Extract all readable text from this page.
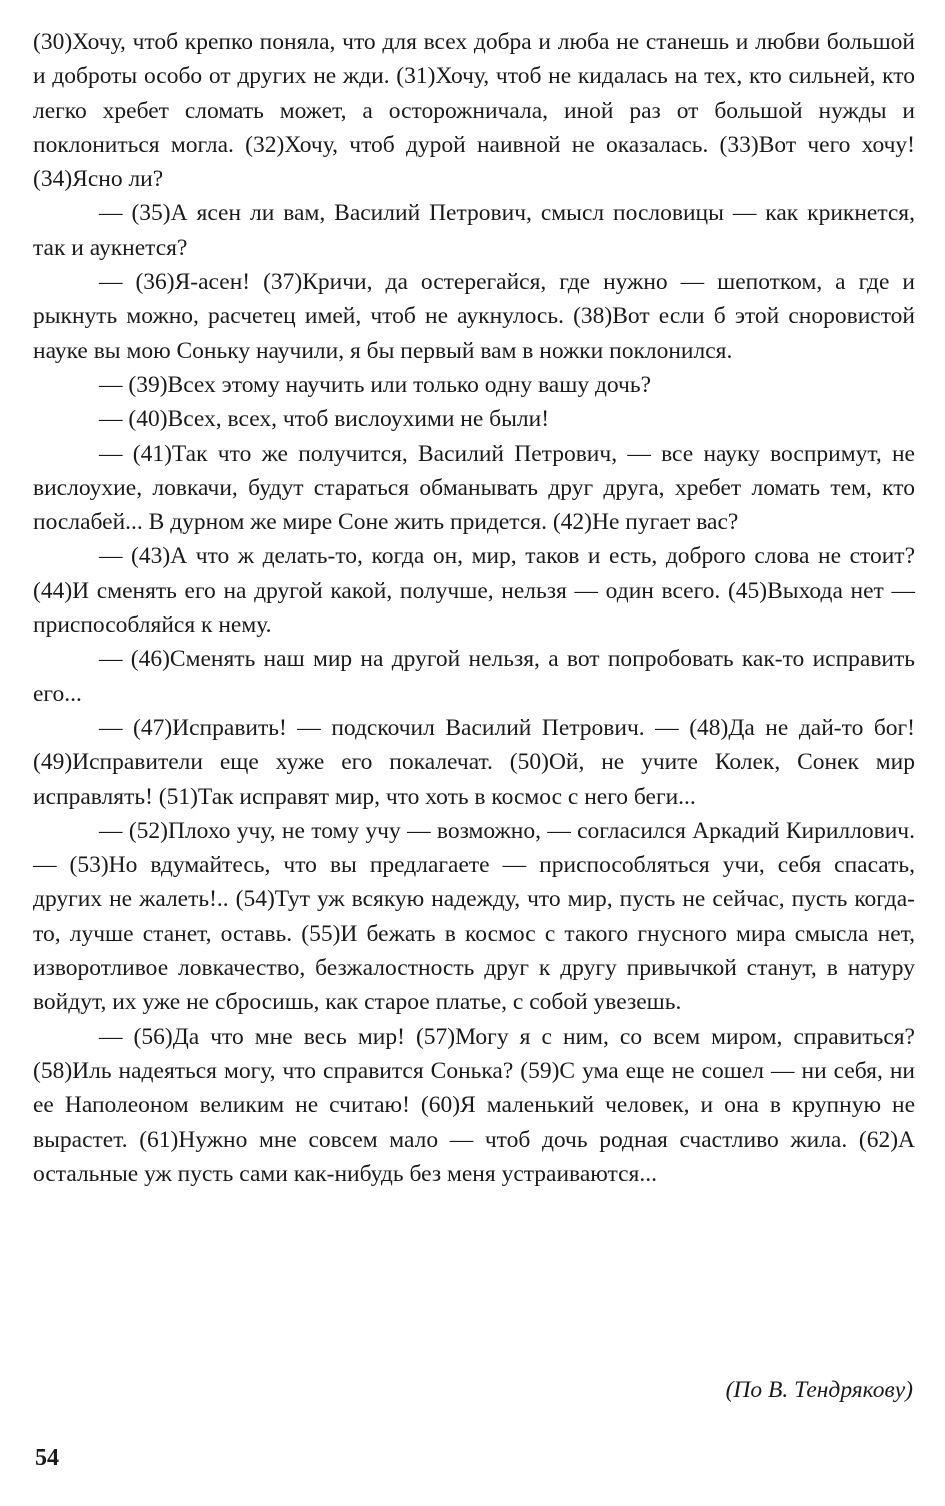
(30)Хочу, чтоб крепко поняла, что для всех добра и люба не станешь и любви большой и доброты особо от других не жди. (31)Хочу, чтоб не кидалась на тех, кто сильней, кто легко хребет сломать может, а осторожничала, иной раз от большой нужды и поклониться могла. (32)Хочу, чтоб дурой наивной не оказалась. (33)Вот чего хочу! (34)Ясно ли?

— (35)А ясен ли вам, Василий Петрович, смысл пословицы — как крикнется, так и аукнется?

— (36)Я-асен! (37)Кричи, да остерегайся, где нужно — шепотком, а где и рыкнуть можно, расчетец имей, чтоб не аукнулось. (38)Вот если б этой сноровистой науке вы мою Соньку научили, я бы первый вам в ножки поклонился.

— (39)Всех этому научить или только одну вашу дочь?

— (40)Всех, всех, чтоб вислоухими не были!

— (41)Так что же получится, Василий Петрович, — все науку воспримут, не вислоухие, ловкачи, будут стараться обманывать друг друга, хребет ломать тем, кто послабей... В дурном же мире Соне жить придется. (42)Не пугает вас?

— (43)А что ж делать-то, когда он, мир, таков и есть, доброго слова не стоит? (44)И сменять его на другой какой, получше, нельзя — один всего. (45)Выхода нет — приспособляйся к нему.

— (46)Сменять наш мир на другой нельзя, а вот попробовать как-то исправить его...

— (47)Исправить! — подскочил Василий Петрович. — (48)Да не дай-то бог! (49)Исправители еще хуже его покалечат. (50)Ой, не учите Колек, Сонек мир исправлять! (51)Так исправят мир, что хоть в космос с него беги...

— (52)Плохо учу, не тому учу — возможно, — согласился Аркадий Кириллович. — (53)Но вдумайтесь, что вы предлагаете — приспособляться учи, себя спасать, других не жалеть!.. (54)Тут уж всякую надежду, что мир, пусть не сейчас, пусть когда-то, лучше станет, оставь. (55)И бежать в космос с такого гнусного мира смысла нет, изворотливое ловкачество, безжалостность друг к другу привычкой станут, в натуру войдут, их уже не сбросишь, как старое платье, с собой увезешь.

— (56)Да что мне весь мир! (57)Могу я с ним, со всем миром, справиться? (58)Иль надеяться могу, что справится Сонька? (59)С ума еще не сошел — ни себя, ни ее Наполеоном великим не считаю! (60)Я маленький человек, и она в крупную не вырастет. (61)Нужно мне совсем мало — чтоб дочь родная счастливо жила. (62)А остальные уж пусть сами как-нибудь без меня устраиваются...

(По В. Тендрякову)
54
